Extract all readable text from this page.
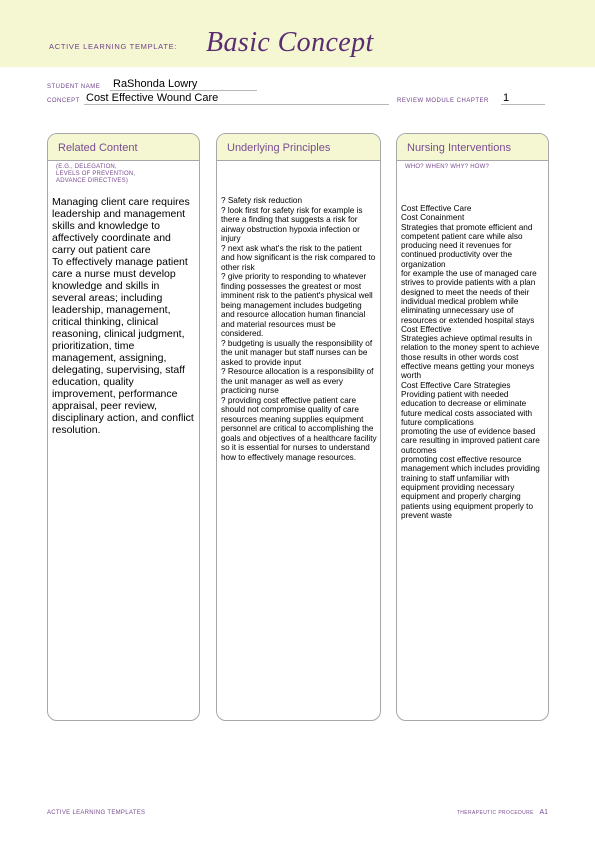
ACTIVE LEARNING TEMPLATE: Basic Concept
STUDENT NAME RaShonda Lowry
CONCEPT Cost Effective Wound Care	REVIEW MODULE CHAPTER 1
Related Content
(E.G., DELEGATION,
LEVELS OF PREVENTION,
ADVANCE DIRECTIVES)
Managing client care requires leadership and management skills and knowledge to affectively coordinate and carry out patient care
To effectively manage patient care a nurse must develop knowledge and skills in several areas; including leadership, management, critical thinking, clinical reasoning, clinical judgment, prioritization, time management, assigning, delegating, supervising, staff education, quality improvement, performance appraisal, peer review, disciplinary action, and conflict resolution.
Underlying Principles
? Safety risk reduction
? look first for safety risk for example is there a finding that suggests a risk for airway obstruction hypoxia infection or injury
? next ask what's the risk to the patient and how significant is the risk compared to other risk
? give priority to responding to whatever finding possesses the greatest or most imminent risk to the patient's physical well being management includes budgeting and resource allocation human financial and material resources must be considered.
? budgeting is usually the responsibility of the unit manager but staff nurses can be asked to provide input
? Resource allocation is a responsibility of the unit manager as well as every practicing nurse
? providing cost effective patient care should not compromise quality of care
resources meaning supplies equipment personnel are critical to accomplishing the goals and objectives of a healthcare facility so it is essential for nurses to understand how to effectively manage resources.
Nursing Interventions
WHO? WHEN? WHY? HOW?
Cost Effective Care
Cost Conainment
Strategies that promote efficient and competent patient care while also producing need it revenues for continued productivity over the organization
for example the use of managed care strives to provide patients with a plan designed to meet the needs of their individual medical problem while eliminating unnecessary use of resources or extended hospital stays
Cost Effective
Strategies achieve optimal results in relation to the money spent to achieve those results in other words cost effective means getting your moneys worth
Cost Effective Care Strategies
Providing patient with needed education to decrease or eliminate future medical costs associated with future complications
promoting the use of evidence based care resulting in improved patient care outcomes
promoting cost effective resource management which includes providing training to staff unfamiliar with equipment providing necessary equipment and properly charging patients using equipment properly to prevent waste
ACTIVE LEARNING TEMPLATES	THERAPEUTIC PROCEDURE A1
